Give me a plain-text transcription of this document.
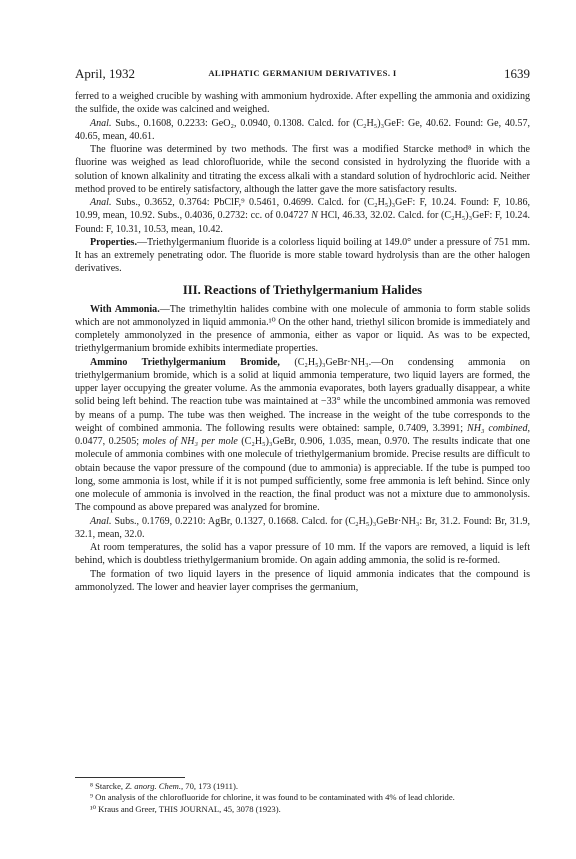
April, 1932	ALIPHATIC GERMANIUM DERIVATIVES. I	1639

ferred to a weighed crucible by washing with ammonium hydroxide. After expelling the ammonia and oxidizing the sulfide, the oxide was calcined and weighed.

Anal. Subs., 0.1608, 0.2233: GeO₂, 0.0940, 0.1308. Calcd. for (C₂H₅)₃GeF: Ge, 40.62. Found: Ge, 40.57, 40.65, mean, 40.61.

The fluorine was determined by two methods. The first was a modified Starcke method⁸ in which the fluorine was weighed as lead chlorofluoride, while the second consisted in hydrolyzing the fluoride with a solution of known alkalinity and titrating the excess alkali with a standard solution of hydrochloric acid. Neither method proved to be entirely satisfactory, although the latter gave the more satisfactory results.

Anal. Subs., 0.3652, 0.3764: PbClF,⁹ 0.5461, 0.4699. Calcd. for (C₂H₅)₃GeF: F, 10.24. Found: F, 10.86, 10.99, mean, 10.92. Subs., 0.4036, 0.2732: cc. of 0.04727 N HCl, 46.33, 32.02. Calcd. for (C₂H₅)₃GeF: F, 10.24. Found: F, 10.31, 10.53, mean, 10.42.

Properties.—Triethylgermanium fluoride is a colorless liquid boiling at 149.0° under a pressure of 751 mm. It has an extremely penetrating odor. The fluoride is more stable toward hydrolysis than are the other halogen derivatives.

III. Reactions of Triethylgermanium Halides

With Ammonia.—The trimethyltin halides combine with one molecule of ammonia to form stable solids which are not ammonolyzed in liquid ammonia.¹⁰ On the other hand, triethyl silicon bromide is immediately and completely ammonolyzed in the presence of ammonia, either as vapor or liquid. As was to be expected, triethylgermanium bromide exhibits intermediate properties.

Ammino Triethylgermanium Bromide, (C₂H₅)₃GeBr·NH₃.—On condensing ammonia on triethylgermanium bromide, which is a solid at liquid ammonia temperature, two liquid layers are formed, the upper layer occupying the greater volume. As the ammonia evaporates, both layers gradually disappear, a white solid being left behind. The reaction tube was maintained at −33° while the uncombined ammonia was removed by means of a pump. The tube was then weighed. The increase in the weight of the tube corresponds to the weight of combined ammonia. The following results were obtained: sample, 0.7409, 3.3991; NH₃ combined, 0.0477, 0.2505; moles of NH₃ per mole (C₂H₅)₃GeBr, 0.906, 1.035, mean, 0.970. The results indicate that one molecule of ammonia combines with one molecule of triethylgermanium bromide. Precise results are difficult to obtain because the vapor pressure of the compound (due to ammonia) is appreciable. If the tube is pumped too long, some ammonia is lost, while if it is not pumped sufficiently, some free ammonia is left behind. Since only one molecule of ammonia is involved in the reaction, the final product was not a mixture due to ammonolysis. The compound as above prepared was analyzed for bromine.

Anal. Subs., 0.1769, 0.2210: AgBr, 0.1327, 0.1668. Calcd. for (C₂H₅)₃GeBr·NH₃: Br, 31.2. Found: Br, 31.9, 32.1, mean, 32.0.

At room temperatures, the solid has a vapor pressure of 10 mm. If the vapors are removed, a liquid is left behind, which is doubtless triethylgermanium bromide. On again adding ammonia, the solid is re-formed.

The formation of two liquid layers in the presence of liquid ammonia indicates that the compound is ammonolyzed. The lower and heavier layer comprises the germanium,

⁸ Starcke, Z. anorg. Chem., 70, 173 (1911).

⁹ On analysis of the chlorofluoride for chlorine, it was found to be contaminated with 4% of lead chloride.

¹⁰ Kraus and Greer, THIS JOURNAL, 45, 3078 (1923).
